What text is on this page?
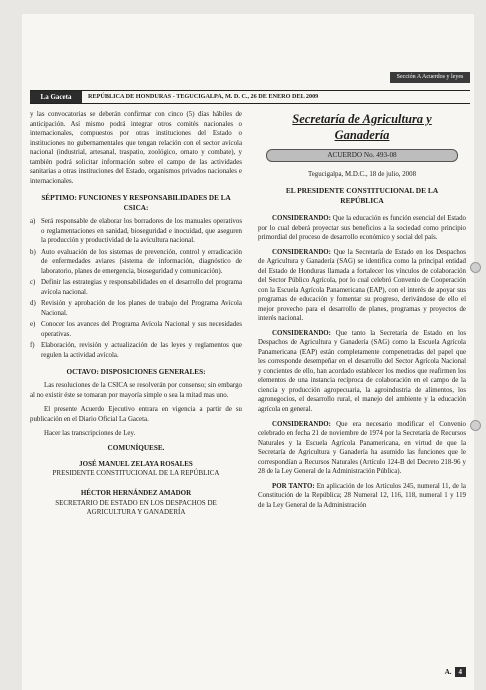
Sección A Acuerdos y leyes
La Gaceta	REPÚBLICA DE HONDURAS - TEGUCIGALPA, M. D. C., 26 DE ENERO DEL 2009

y las convocatorias se deberán confirmar con cinco (5) días hábiles de anticipación. Así mismo podrá integrar otros comités nacionales o internacionales, compuestos por otras instituciones del Estado o instituciones no gubernamentales que tengan relación con el sector avícola nacional (industrial, artesanal, traspatio, zoológico, ornato y combate), y también podrá solicitar información sobre el campo de las actividades sanitarias a otras instituciones del Estado, organismos privados nacionales e internacionales.

SÉPTIMO: FUNCIONES Y RESPONSABILIDADES DE LA CSICA:
a) Será responsable de elaborar los borradores de los manuales operativos o reglamentaciones en sanidad, bioseguridad e inocuidad, que aseguren la producción y productividad de la avicultura nacional.
b) Auto evaluación de los sistemas de prevención, control y erradicación de enfermedades aviares (sistema de información, diagnóstico de laboratorio, planes de emergencia, bioseguridad y comunicación).
c) Definir las estrategias y responsabilidades en el desarrollo del programa avícola nacional.
d) Revisión y aprobación de los planes de trabajo del Programa Avícola Nacional.
e) Conocer los avances del Programa Avícola Nacional y sus necesidades operativas.
f) Elaboración, revisión y actualización de las leyes y reglamentos que regulen la actividad avícola.
OCTAVO: DISPOSICIONES GENERALES:

Las resoluciones de la CSICA se resolverán por consenso; sin embargo al no existir éste se tomaran por mayoría simple o sea la mitad mas uno.

El presente Acuerdo Ejecutivo entrara en vigencia a partir de su publicación en el Diario Oficial La Gaceta.

Hacer las transcripciones de Ley.

COMUNÍQUESE.
JOSÉ MANUEL ZELAYA ROSALES
PRESIDENTE CONSTITUCIONAL DE LA REPÚBLICA
HÉCTOR HERNÁNDEZ AMADOR
SECRETARIO DE ESTADO EN LOS DESPACHOS DE
AGRICULTURA Y GANADERÍA
Secretaría de Agricultura y
Ganadería
ACUERDO No. 493-08
Tegucigalpa, M.D.C., 18 de julio, 2008
EL PRESIDENTE CONSTITUCIONAL DE LA
REPÚBLICA

CONSIDERANDO: Que la educación es función esencial del Estado por lo cual deberá proyectar sus beneficios a la sociedad como principio primordial del proceso de desarrollo económico y social del país.

CONSIDERANDO: Que la Secretaría de Estado en los Despachos de Agricultura y Ganadería (SAG) se identifica como la principal entidad del Estado de Honduras llamada a fortalecer los vínculos de colaboración del Sector Público Agrícola, por lo cual celebró Convenio de Cooperación con la Escuela Agrícola Panamericana (EAP), con el interés de apoyar sus programas de educación y fomentar su progreso, derivándose de ello el mejor provecho para el desarrollo de planes, programas y proyectos de interés nacional.

CONSIDERANDO: Que tanto la Secretaría de Estado en los Despachos de Agricultura y Ganadería (SAG) como la Escuela Agrícola Panamericana (EAP) están completamente compenetradas del papel que les corresponde desempeñar en el desarrollo del Sector Agrícola Nacional y concientes de ello, han acordado establecer los medios que reafirmen los elementos de una instancia recíproca de colaboración en el campo de la ciencia y producción agropecuaria, la agroindustria de alimentos, los agronegocios, el desarrollo rural, el manejo del ambiente y la educación agrícola en general.

CONSIDERANDO: Que era necesario modificar el Convenio celebrado en fecha 21 de noviembre de 1974 por la Secretaría de Recursos Naturales y la Escuela Agrícola Panamericana, en virtud de que la Secretaría de Agricultura y Ganadería ha asumido las funciones que le correspondían a Recursos Naturales (Artículo 124-B del Decreto 218-96 y 28 de la Ley General de la Administración Pública).

POR TANTO: En aplicación de los Artículos 245, numeral 11, de la Constitución de la República; 28 Numeral 12, 116, 118, numeral 1 y 119 de la Ley General de la Administración

A.	4
